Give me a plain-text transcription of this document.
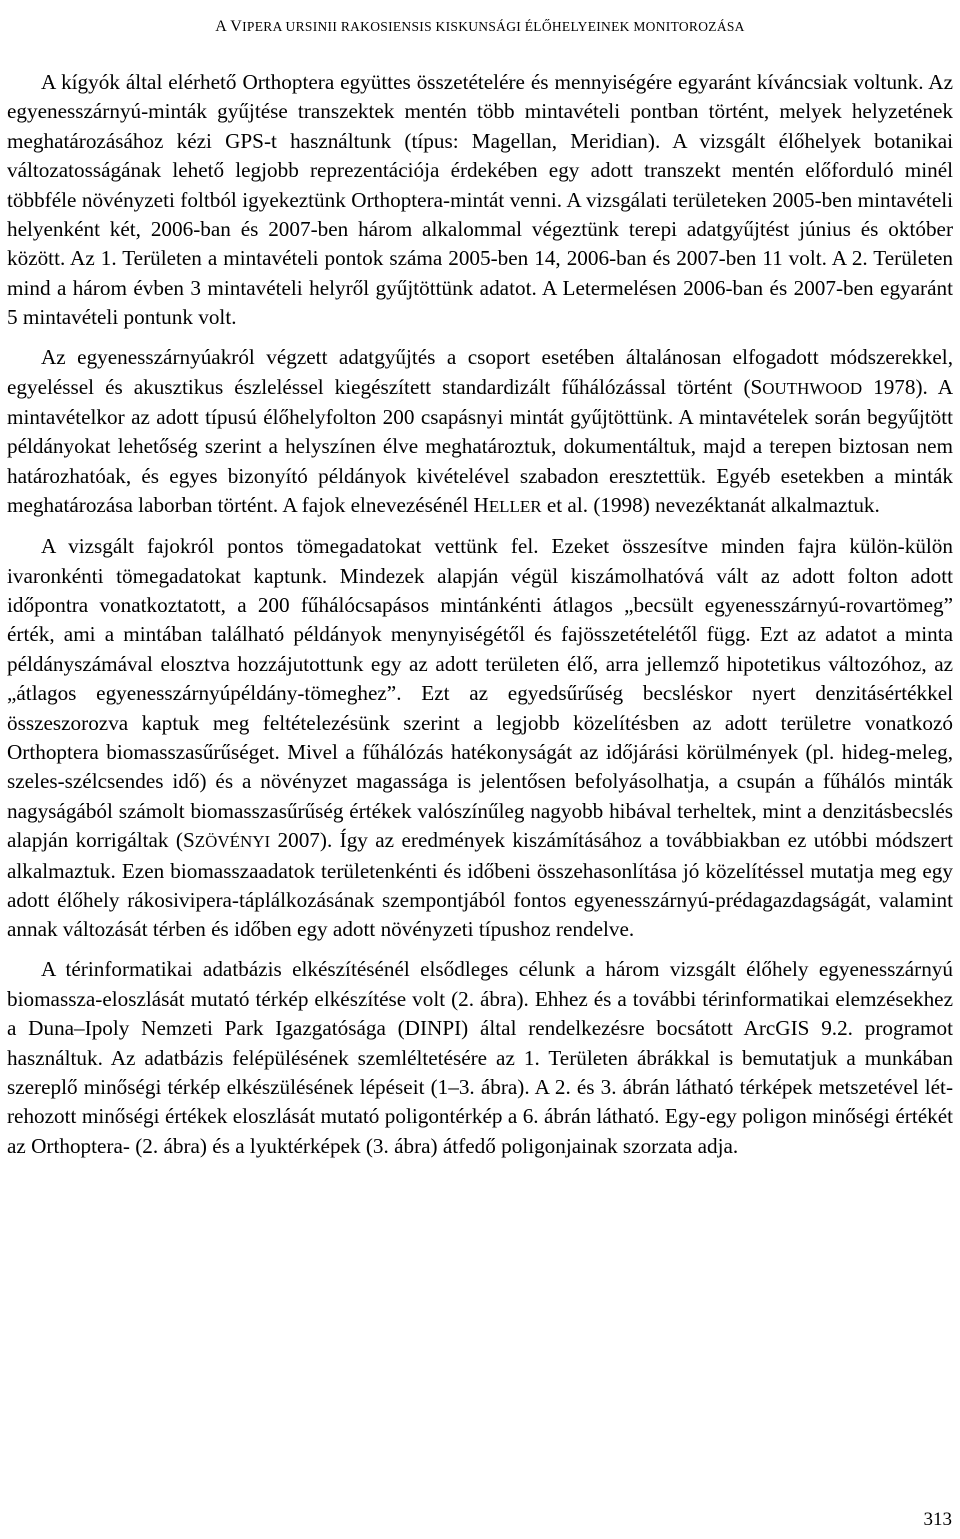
A VIPERA URSINII RAKOSIENSIS KISKUNSÁGI ÉLŐHELYEINEK MONITOROZÁSA

A kígyók által elérhető Orthoptera együttes összetételére és mennyiségére egyaránt kíváncsiak voltunk. Az egyenesszárnyú-minták gyűjtése transzektek mentén több mintavételi pontban történt, melyek helyzetének meghatározásához kézi GPS-t használtunk (típus: Magellan, Meridian). A vizsgált élőhelyek botanikai változatosságának lehető legjobb reprezentációja érdekében egy adott transzekt mentén előforduló minél többféle növényzeti foltból igyekeztünk Orthoptera-mintát venni. A vizsgálati területeken 2005-ben mintavételi helyenként két, 2006-ban és 2007-ben három alkalommal végeztünk terepi adatgyűjtést június és október között. Az 1. Területen a mintavételi pontok száma 2005-ben 14, 2006-ban és 2007-ben 11 volt. A 2. Területen mind a három évben 3 mintavételi helyről gyűjtöttünk adatot. A Letermelésen 2006-ban és 2007-ben egyaránt 5 mintavételi pontunk volt.

Az egyenesszárnyúakról végzett adatgyűjtés a csoport esetében általánosan elfogadott módszerekkel, egyeléssel és akusztikus észleléssel kiegészített standardizált fűhálózással történt (SOUTHWOOD 1978). A mintavételkor az adott típusú élőhelyfolton 200 csapásnyi mintát gyűjtöttünk. A mintavételek során begyűjtött példányokat lehetőség szerint a helyszínen élve meghatároztuk, dokumentáltuk, majd a terepen biztosan nem határozhatóak, és egyes bizonyító példányok kivételével szabadon eresztettük. Egyéb esetekben a minták meghatározása laborban történt. A fajok elnevezésénél HELLER et al. (1998) nevezéktanát alkalmaztuk.

A vizsgált fajokról pontos tömegadatokat vettünk fel. Ezeket összesítve minden fajra külön-külön ivaronkénti tömegadatokat kaptunk. Mindezek alapján végül kiszámolhatóvá vált az adott folton adott időpontra vonatkoztatott, a 200 fűhálócsapásos mintánkénti átlagos „becsült egyenesszárnyú-rovartömeg” érték, ami a mintában található példányok menynyiségétől és fajösszetételétől függ. Ezt az adatot a minta példányszámával elosztva hozzájutottunk egy az adott területen élő, arra jellemző hipotetikus változóhoz, az „átlagos egyenesszárnyúpéldány-tömeghez”. Ezt az egyedsűrűség becsléskor nyert denzitásértékkel összeszorozva kaptuk meg feltételezésünk szerint a legjobb közelítésben az adott területre vonatkozó Orthoptera biomasszasűrűséget. Mivel a fűhálózás hatékonyságát az időjárási körülmények (pl. hideg-meleg, szeles-szélcsendes idő) és a növényzet magassága is jelentősen befolyásolhatja, a csupán a fűhálós minták nagyságából számolt biomasszasűrűség értékek valószínűleg nagyobb hibával terheltek, mint a denzitásbecslés alapján korrigáltak (SZÖVÉNYI 2007). Így az eredmények kiszámításához a továbbiakban ez utóbbi módszert alkalmaztuk. Ezen biomasszaadatok területenkénti és időbeni összehasonlítása jó közelítéssel mutatja meg egy adott élőhely rákosivipera-táplálkozásának szempontjából fontos egyenesszárnyú-prédagazdagságát, valamint annak változását térben és időben egy adott növényzeti típushoz rendelve.

A térinformatikai adatbázis elkészítésénél elsődleges célunk a három vizsgált élőhely egyenesszárnyú biomassza-eloszlását mutató térkép elkészítése volt (2. ábra). Ehhez és a további térinformatikai elemzésekhez a Duna–Ipoly Nemzeti Park Igazgatósága (DINPI) által rendelkezésre bocsátott ArcGIS 9.2. programot használtuk. Az adatbázis felépülésének szemléltetésére az 1. Területen ábrákkal is bemutatjuk a munkában szereplő minőségi térkép elkészülésének lépéseit (1–3. ábra). A 2. és 3. ábrán látható térképek metszetével létrehozott minőségi értékek eloszlását mutató poligontérkép a 6. ábrán látható. Egy-egy poligon minőségi értékét az Orthoptera- (2. ábra) és a lyuktérképek (3. ábra) átfedő poligonjainak szorzata adja.

313
